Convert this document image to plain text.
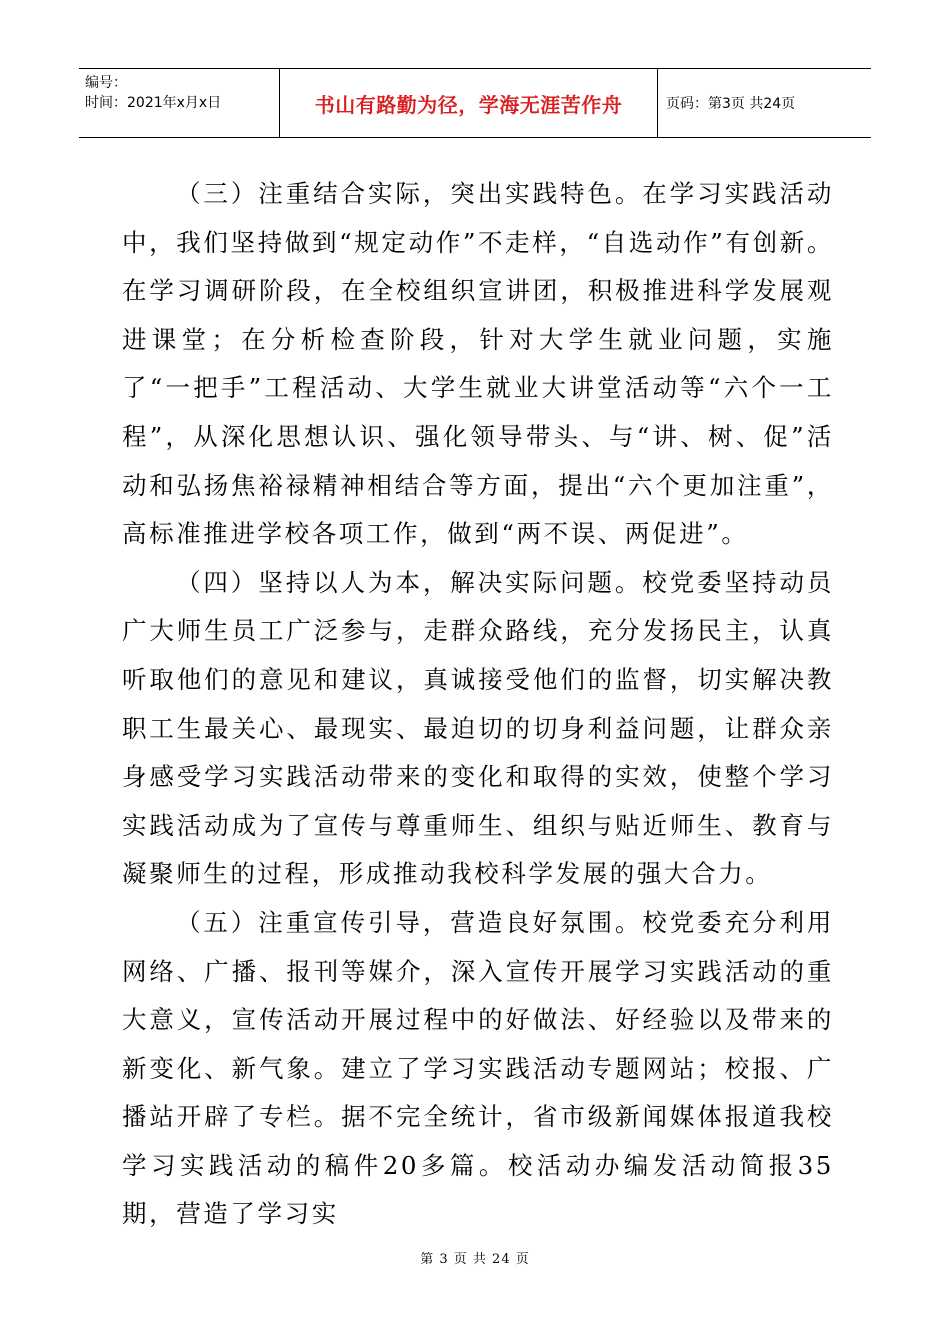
编号：
时间：2021年x月x日	书山有路勤为径，学海无涯苦作舟	页码：第3页 共24页

（三）注重结合实际，突出实践特色。在学习实践活动中，我们坚持做到“规定动作”不走样，“自选动作”有创新。在学习调研阶段，在全校组织宣讲团，积极推进科学发展观进课堂；在分析检查阶段，针对大学生就业问题，实施了“一把手”工程活动、大学生就业大讲堂活动等“六个一工程”，从深化思想认识、强化领导带头、与“讲、树、促”活动和弘扬焦裕禄精神相结合等方面，提出“六个更加注重”，高标准推进学校各项工作，做到“两不误、两促进”。

（四）坚持以人为本，解决实际问题。校党委坚持动员广大师生员工广泛参与，走群众路线，充分发扬民主，认真听取他们的意见和建议，真诚接受他们的监督，切实解决教职工生最关心、最现实、最迫切的切身利益问题，让群众亲身感受学习实践活动带来的变化和取得的实效，使整个学习实践活动成为了宣传与尊重师生、组织与贴近师生、教育与凝聚师生的过程，形成推动我校科学发展的强大合力。

（五）注重宣传引导，营造良好氛围。校党委充分利用网络、广播、报刊等媒介，深入宣传开展学习实践活动的重大意义，宣传活动开展过程中的好做法、好经验以及带来的新变化、新气象。建立了学习实践活动专题网站；校报、广播站开辟了专栏。据不完全统计，省市级新闻媒体报道我校学习实践活动的稿件20多篇。校活动办编发活动简报35期，营造了学习实

第 3 页 共 24 页
